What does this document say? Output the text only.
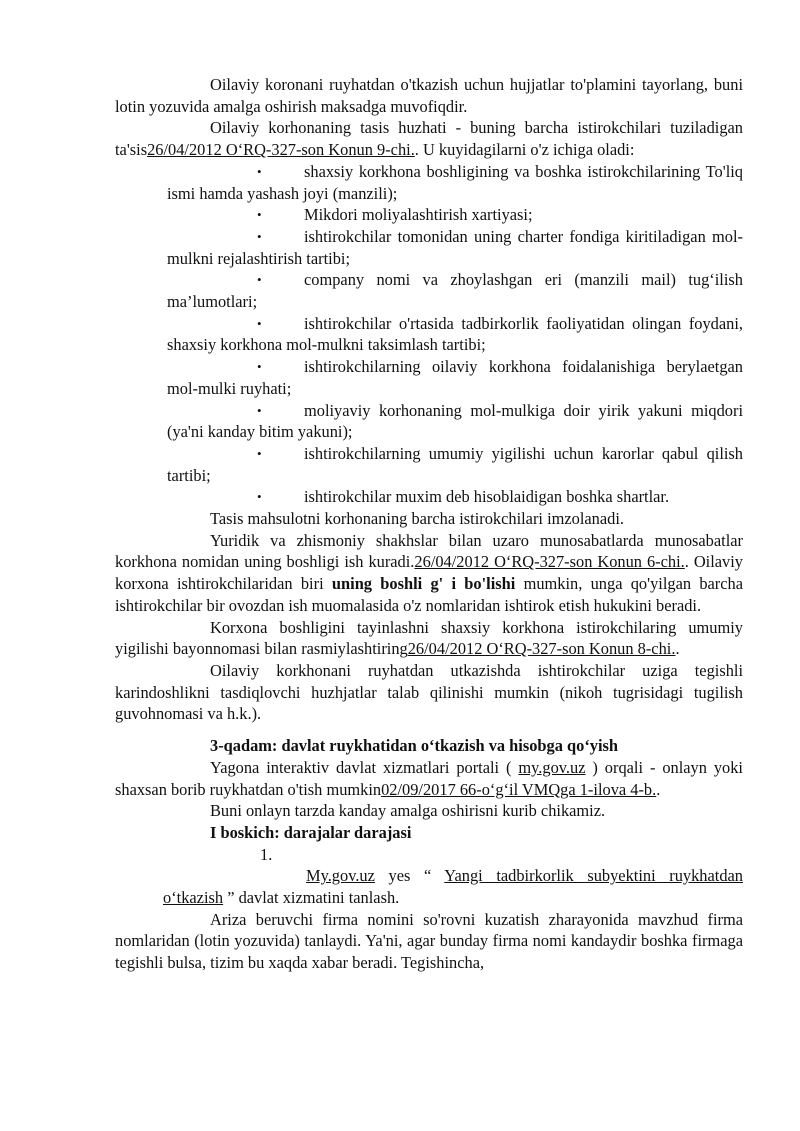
Oilaviy koronani ruyhatdan o'tkazish uchun hujjatlar to'plamini tayorlang, buni lotin yozuvida amalga oshirish maksadga muvofiqdir.

Oilaviy korhonaning tasis huzhati - buning barcha istirokchilari tuziladigan ta'sis26/04/2012 O‘RQ-327-son Konun 9-chi.. U kuyidagilarni o'z ichiga oladi:

•	shaxsiy korkhona boshligining va boshka istirokchilarining To'liq ismi hamda yashash joyi (manzili);
•	Mikdori moliyalashtirish xartiyasi;
•	ishtirokchilar tomonidan uning charter fondiga kiritiladigan mol-mulkni rejalashtirish tartibi;
•	company nomi va zhoylashgan eri (manzili mail) tug‘ilish ma’lumotlari;
•	ishtirokchilar o'rtasida tadbirkorlik faoliyatidan olingan foydani, shaxsiy korkhona mol-mulkni taksimlash tartibi;
•	ishtirokchilarning oilaviy korkhona foidalanishiga berylaetgan mol-mulki ruyhati;
•	moliyaviy korhonaning mol-mulkiga doir yirik yakuni miqdori (ya'ni kanday bitim yakuni);
•	ishtirokchilarning umumiy yigilishi uchun karorlar qabul qilish tartibi;
•	ishtirokchilar muxim deb hisoblaidigan boshka shartlar.

Tasis mahsulotni korhonaning barcha istirokchilari imzolanadi.

Yuridik va zhismoniy shakhslar bilan uzaro munosabatlarda munosabatlar korkhona nomidan uning boshligi ish kuradi.26/04/2012 O‘RQ-327-son Konun 6-chi.. Oilaviy korxona ishtirokchilaridan biri uning boshli g' i bo'lishi mumkin, unga qo'yilgan barcha ishtirokchilar bir ovozdan ish muomalasida o'z nomlaridan ishtirok etish hukukini beradi.

Korxona boshligini tayinlashni shaxsiy korkhona istirokchilaring umumiy yigilishi bayonnomasi bilan rasmiylashtiring26/04/2012 O‘RQ-327-son Konun 8-chi..

Oilaviy korkhonani ruyhatdan utkazishda ishtirokchilar uziga tegishli karindoshlikni tasdiqlovchi huzhjatlar talab qilinishi mumkin (nikoh tugrisidagi tugilish guvohnomasi va h.k.).

3-qadam: davlat ruykhatidan o‘tkazish va hisobga qo‘yish

Yagona interaktiv davlat xizmatlari portali ( my.gov.uz ) orqali - onlayn yoki shaxsan borib ruykhatdan o'tish mumkin02/09/2017 66-o‘g‘il VMQga 1-ilova 4-b..

Buni onlayn tarzda kanday amalga oshirisni kurib chikamiz.

I boskich: darajalar darajasi

1.
My.gov.uz yes “ Yangi tadbirkorlik subyektini ruykhatdan o‘tkazish ” davlat xizmatini tanlash.

Ariza beruvchi firma nomini so'rovni kuzatish zharayonida mavzhud firma nomlaridan (lotin yozuvida) tanlaydi. Ya'ni, agar bunday firma nomi kandaydir boshka firmaga tegishli bulsa, tizim bu xaqda xabar beradi. Tegishincha,
